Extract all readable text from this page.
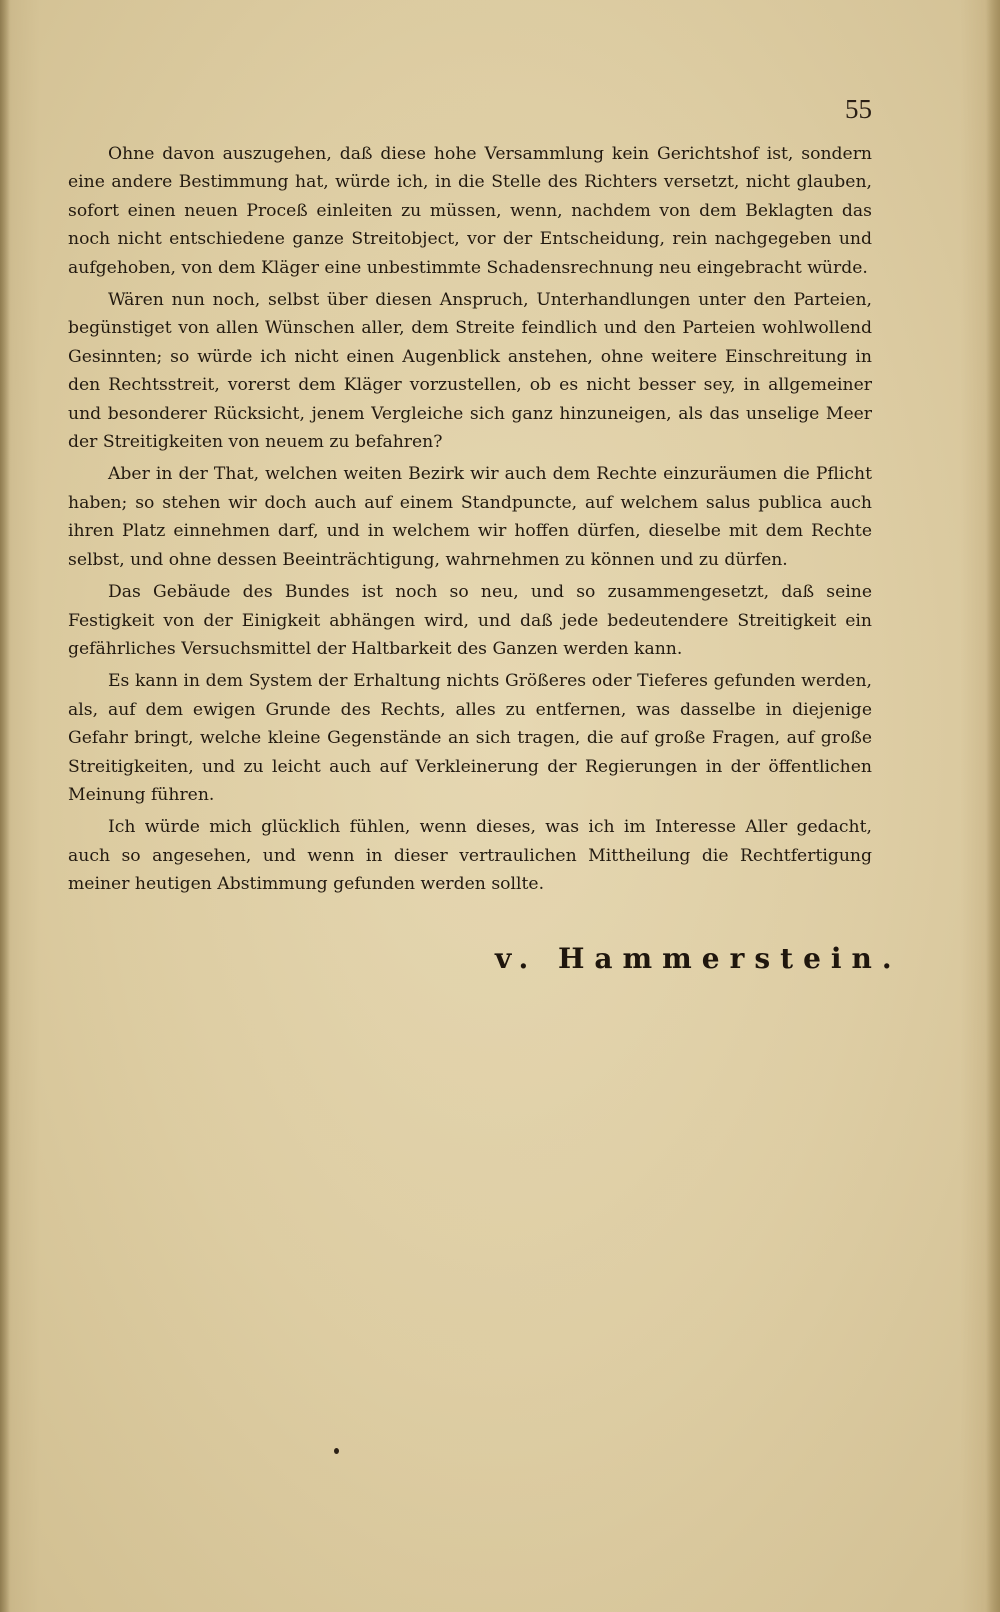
55

Ohne davon auszugehen, daß diese hohe Versammlung kein Gerichtshof ist, sondern eine andere Bestimmung hat, würde ich, in die Stelle des Richters versetzt, nicht glauben, sofort einen neuen Proceß einleiten zu müssen, wenn, nachdem von dem Beklagten das noch nicht entschiedene ganze Streitobject, vor der Entscheidung, rein nachgegeben und aufgehoben, von dem Kläger eine unbestimmte Schadensrechnung neu eingebracht würde.

Wären nun noch, selbst über diesen Anspruch, Unterhandlungen unter den Parteien, begünstiget von allen Wünschen aller, dem Streite feindlich und den Parteien wohlwollend Gesinnten; so würde ich nicht einen Augenblick anstehen, ohne weitere Einschreitung in den Rechtsstreit, vorerst dem Kläger vorzustellen, ob es nicht besser sey, in allgemeiner und besonderer Rücksicht, jenem Vergleiche sich ganz hinzuneigen, als das unselige Meer der Streitigkeiten von neuem zu befahren?

Aber in der That, welchen weiten Bezirk wir auch dem Rechte einzuräumen die Pflicht haben; so stehen wir doch auch auf einem Standpuncte, auf welchem salus publica auch ihren Platz einnehmen darf, und in welchem wir hoffen dürfen, dieselbe mit dem Rechte selbst, und ohne dessen Beeinträchtigung, wahrnehmen zu können und zu dürfen.

Das Gebäude des Bundes ist noch so neu, und so zusammengesetzt, daß seine Festigkeit von der Einigkeit abhängen wird, und daß jede bedeutendere Streitigkeit ein gefährliches Versuchsmittel der Haltbarkeit des Ganzen werden kann.

Es kann in dem System der Erhaltung nichts Größeres oder Tieferes gefunden werden, als, auf dem ewigen Grunde des Rechts, alles zu entfernen, was dasselbe in diejenige Gefahr bringt, welche kleine Gegenstände an sich tragen, die auf große Fragen, auf große Streitigkeiten, und zu leicht auch auf Verkleinerung der Regierungen in der öffentlichen Meinung führen.

Ich würde mich glücklich fühlen, wenn dieses, was ich im Interesse Aller gedacht, auch so angesehen, und wenn in dieser vertraulichen Mittheilung die Rechtfertigung meiner heutigen Abstimmung gefunden werden sollte.

v. Hammerstein.
